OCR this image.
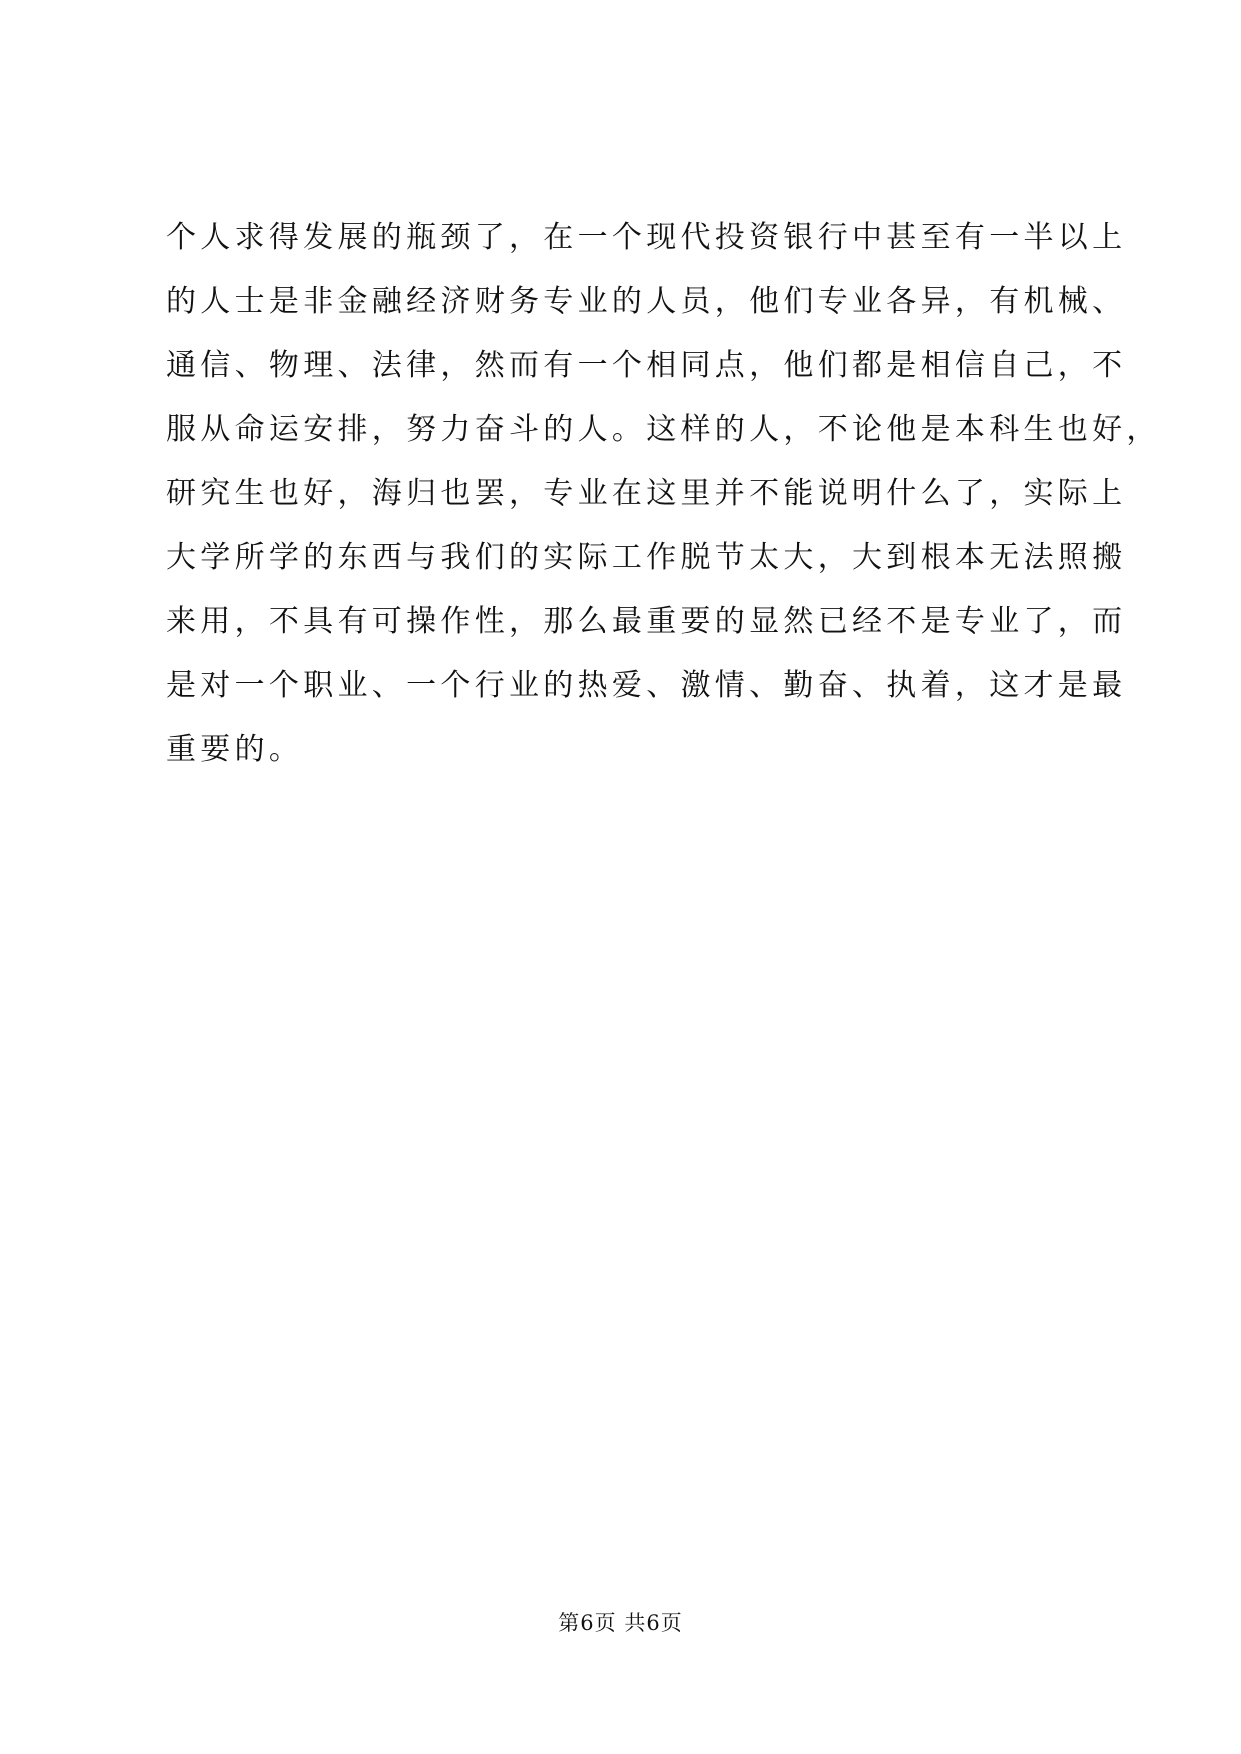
个人求得发展的瓶颈了，在一个现代投资银行中甚至有一半以上
的人士是非金融经济财务专业的人员，他们专业各异，有机械、
通信、物理、法律，然而有一个相同点，他们都是相信自己，不
服从命运安排，努力奋斗的人。这样的人，不论他是本科生也好，
研究生也好，海归也罢，专业在这里并不能说明什么了，实际上
大学所学的东西与我们的实际工作脱节太大，大到根本无法照搬
来用，不具有可操作性，那么最重要的显然已经不是专业了，而
是对一个职业、一个行业的热爱、激情、勤奋、执着，这才是最
重要的。
第6页 共6页
